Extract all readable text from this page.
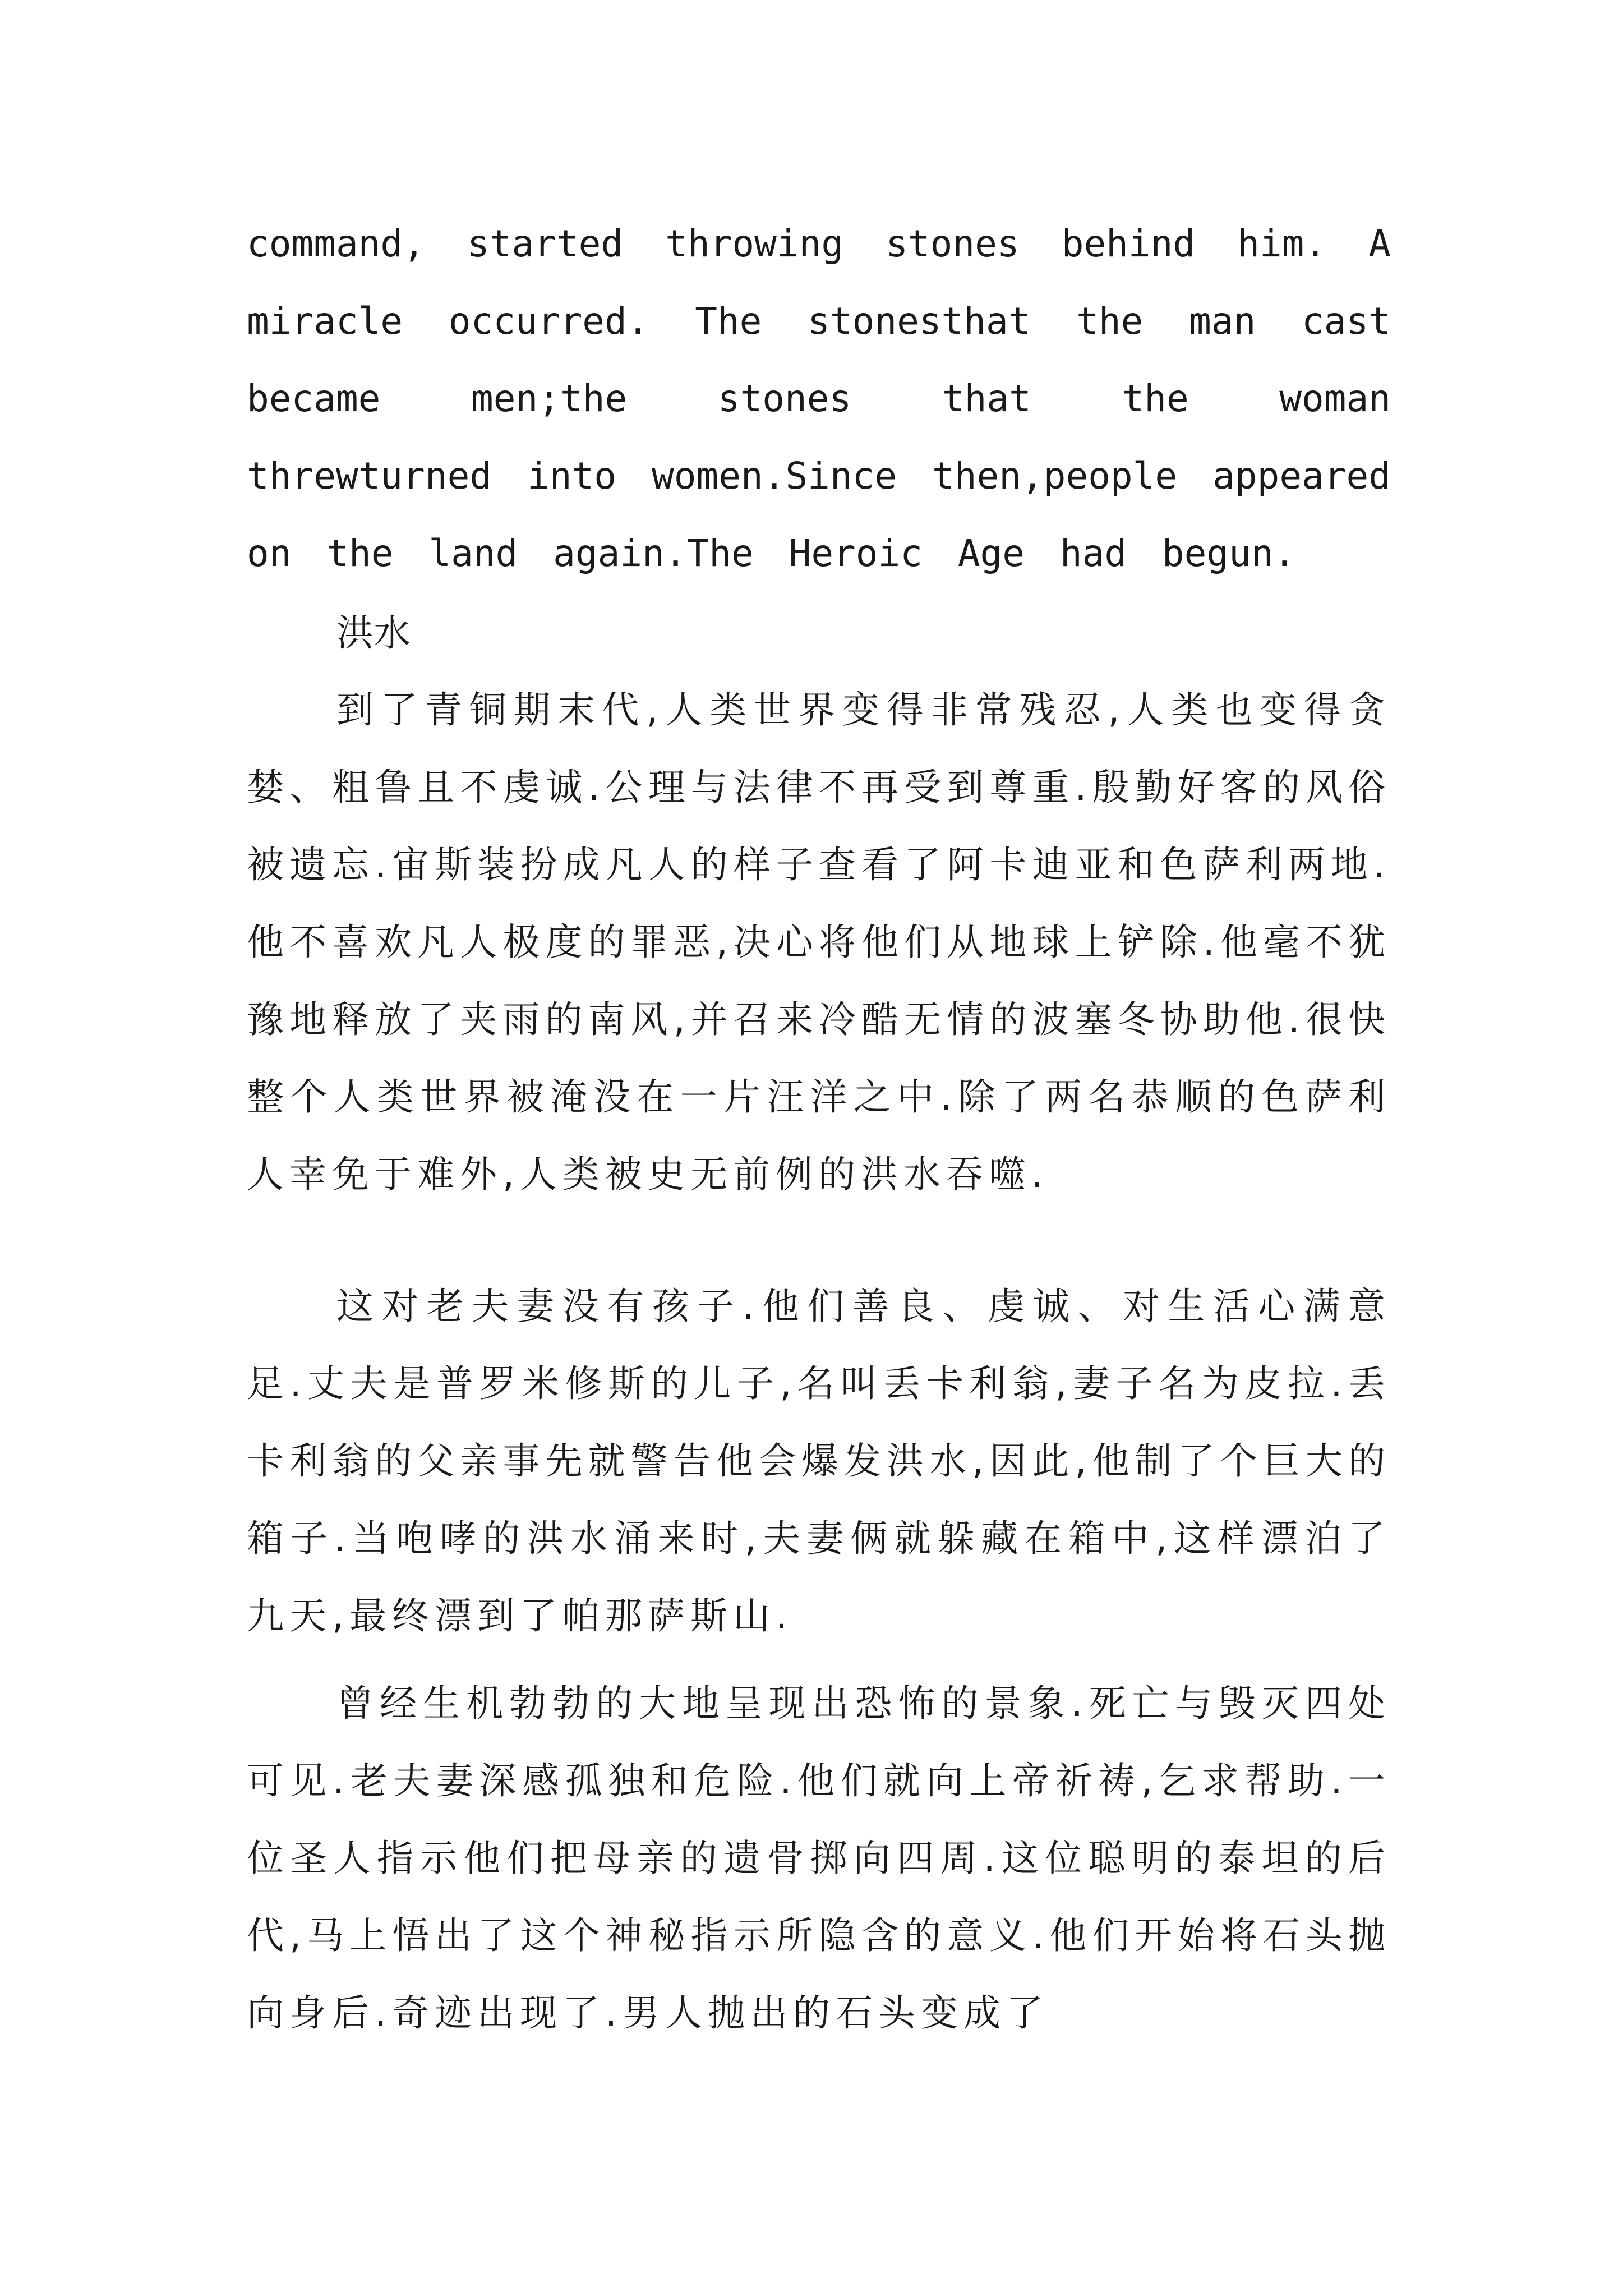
command, started throwing stones behind him. A miracle occurred. The stonesthat the man cast became men;the stones that the woman threwturned into women.Since then,people appeared on the land again.The Heroic Age had begun.

洪水

到了青铜期末代,人类世界变得非常残忍,人类也变得贪婪、粗鲁且不虔诚.公理与法律不再受到尊重.殷勤好客的风俗被遗忘.宙斯装扮成凡人的样子查看了阿卡迪亚和色萨利两地.他不喜欢凡人极度的罪恶,决心将他们从地球上铲除.他毫不犹豫地释放了夹雨的南风,并召来冷酷无情的波塞冬协助他.很快整个人类世界被淹没在一片汪洋之中.除了两名恭顺的色萨利人幸免于难外,人类被史无前例的洪水吞噬.

这对老夫妻没有孩子.他们善良、虔诚、对生活心满意足.丈夫是普罗米修斯的儿子,名叫丢卡利翁,妻子名为皮拉.丢卡利翁的父亲事先就警告他会爆发洪水,因此,他制了个巨大的箱子.当咆哮的洪水涌来时,夫妻俩就躲藏在箱中,这样漂泊了九天,最终漂到了帕那萨斯山.

曾经生机勃勃的大地呈现出恐怖的景象.死亡与毁灭四处可见.老夫妻深感孤独和危险.他们就向上帝祈祷,乞求帮助.一位圣人指示他们把母亲的遗骨掷向四周.这位聪明的泰坦的后代,马上悟出了这个神秘指示所隐含的意义.他们开始将石头抛向身后.奇迹出现了.男人抛出的石头变成了
